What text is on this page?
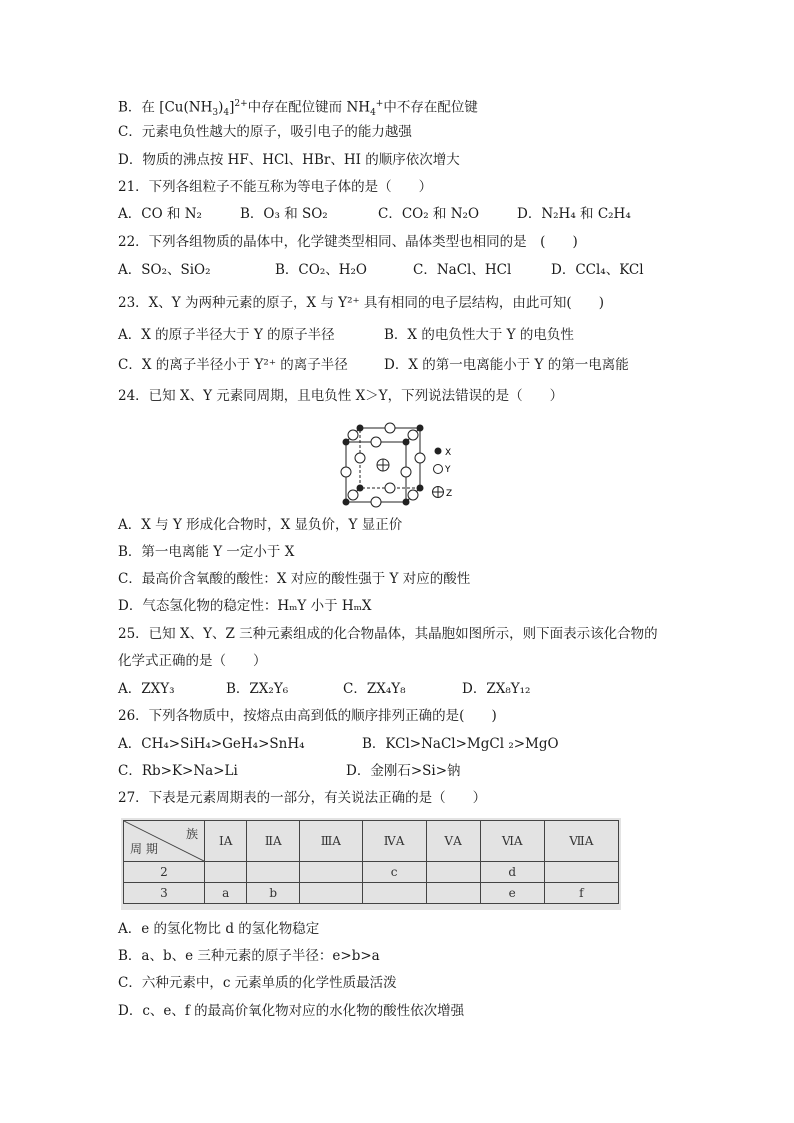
B．在 $[Cu(NH_3)_4]^{2+}$中存在配位键而 $NH_4^+$中不存在配位键
C．元素电负性越大的原子，吸引电子的能力越强
D．物质的沸点按 HF、HCl、HBr、HI 的顺序依次增大
21．下列各组粒子不能互称为等电子体的是（　　）
A．CO 和 N₂	B．O₃ 和 SO₂	C．CO₂ 和 N₂O	D．N₂H₄ 和 C₂H₄
22．下列各组物质的晶体中，化学键类型相同、晶体类型也相同的是　(　　)
A．SO₂、SiO₂	B．CO₂、H₂O	C．NaCl、HCl	D．CCl₄、KCl
23．X、Y 为两种元素的原子，X 与 Y²⁺ 具有相同的电子层结构，由此可知(　　)
A．X 的原子半径大于 Y 的原子半径	B．X 的电负性大于 Y 的电负性
C．X 的离子半径小于 Y²⁺ 的离子半径	D．X 的第一电离能小于 Y 的第一电离能
24．已知 X、Y 元素同周期，且电负性 X＞Y，下列说法错误的是（　　）
X
Y
Z
A．X 与 Y 形成化合物时，X 显负价，Y 显正价
B．第一电离能 Y 一定小于 X
C．最高价含氧酸的酸性：X 对应的酸性强于 Y 对应的酸性
D．气态氢化物的稳定性：HₘY 小于 HₘX
25．已知 X、Y、Z 三种元素组成的化合物晶体，其晶胞如图所示，则下面表示该化合物的
化学式正确的是（　　）
A．ZXY₃	B．ZX₂Y₆	C．ZX₄Y₈	D．ZX₈Y₁₂
26．下列各物质中，按熔点由高到低的顺序排列正确的是(　　)
A．CH₄>SiH₄>GeH₄>SnH₄	B．KCl>NaCl>MgCl ₂>MgO
C．Rb>K>Na>Li	D．金刚石>Si>钠
27．下表是元素周期表的一部分，有关说法正确的是（　　）
族
周 期	ⅠA	ⅡA	ⅢA	ⅣA	ⅤA	ⅥA	ⅦA
2				c		d	
3	a	b				e	f
A．e 的氢化物比 d 的氢化物稳定
B．a、b、e 三种元素的原子半径：e>b>a
C．六种元素中，c 元素单质的化学性质最活泼
D．c、e、f 的最高价氧化物对应的水化物的酸性依次增强
